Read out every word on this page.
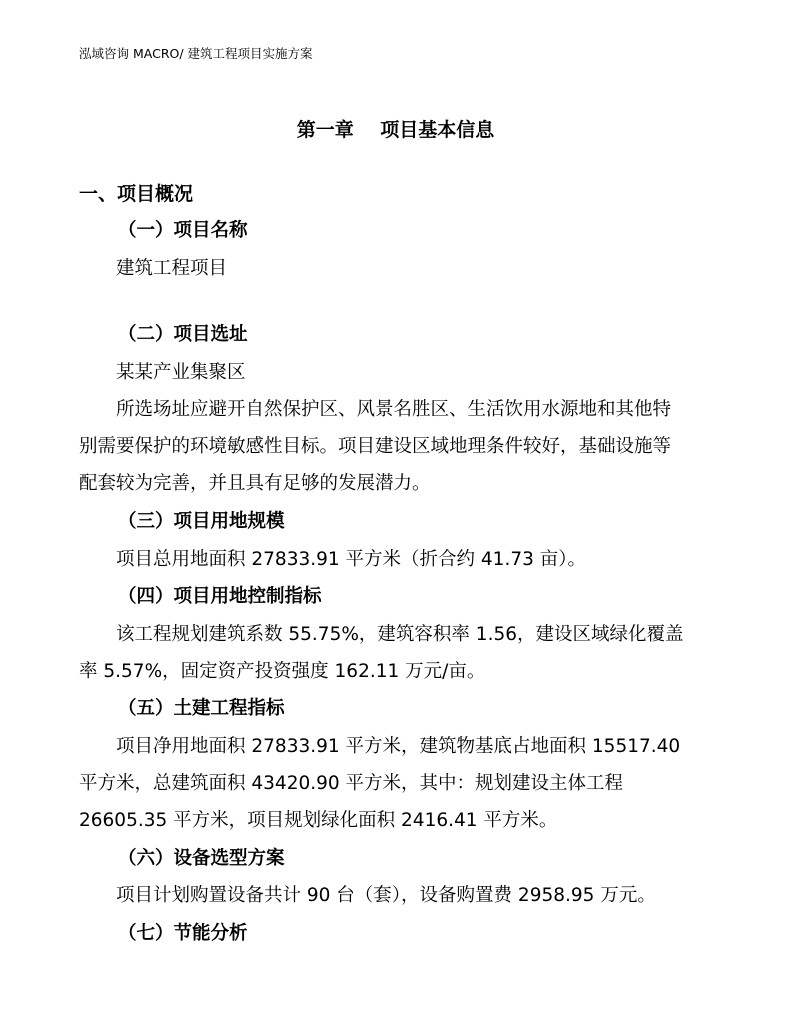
泓域咨询 MACRO/ 建筑工程项目实施方案
第一章    项目基本信息
一、项目概况
（一）项目名称
建筑工程项目
（二）项目选址
某某产业集聚区
所选场址应避开自然保护区、风景名胜区、生活饮用水源地和其他特
别需要保护的环境敏感性目标。项目建设区域地理条件较好，基础设施等
配套较为完善，并且具有足够的发展潜力。
（三）项目用地规模
项目总用地面积 27833.91 平方米（折合约 41.73 亩）。
（四）项目用地控制指标
该工程规划建筑系数 55.75%，建筑容积率 1.56，建设区域绿化覆盖
率 5.57%，固定资产投资强度 162.11 万元/亩。
（五）土建工程指标
项目净用地面积 27833.91 平方米，建筑物基底占地面积 15517.40
平方米，总建筑面积 43420.90 平方米，其中：规划建设主体工程
26605.35 平方米，项目规划绿化面积 2416.41 平方米。
（六）设备选型方案
项目计划购置设备共计 90 台（套），设备购置费 2958.95 万元。
（七）节能分析
